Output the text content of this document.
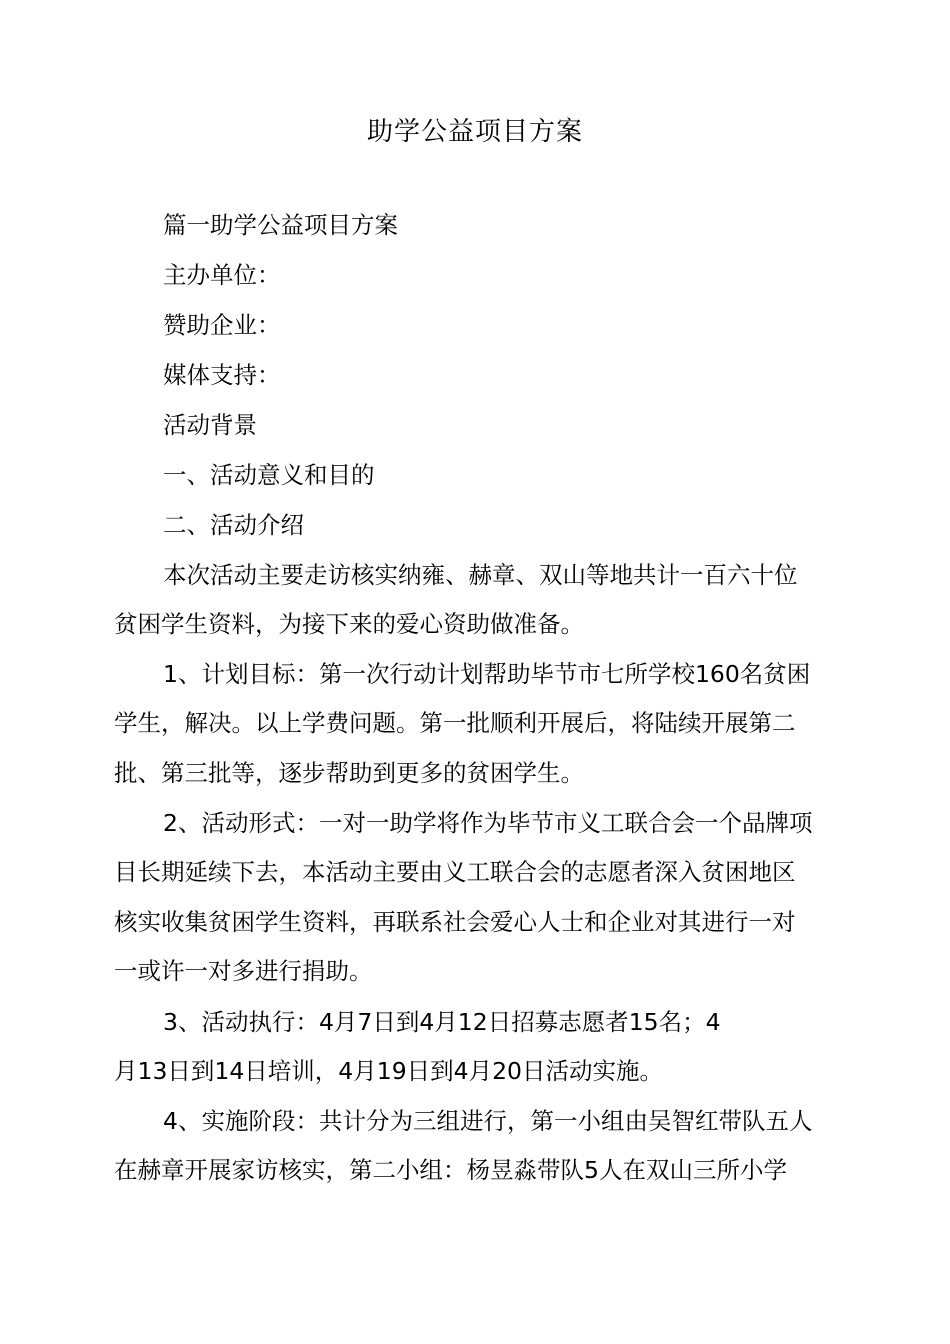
助学公益项目方案
篇一助学公益项目方案
主办单位：
赞助企业：
媒体支持：
活动背景
一、活动意义和目的
二、活动介绍
本次活动主要走访核实纳雍、赫章、双山等地共计一百六十位
贫困学生资料，为接下来的爱心资助做准备。
1、计划目标：第一次行动计划帮助毕节市七所学校160名贫困
学生，解决。以上学费问题。第一批顺利开展后，将陆续开展第二
批、第三批等，逐步帮助到更多的贫困学生。
2、活动形式：一对一助学将作为毕节市义工联合会一个品牌项
目长期延续下去，本活动主要由义工联合会的志愿者深入贫困地区
核实收集贫困学生资料，再联系社会爱心人士和企业对其进行一对
一或许一对多进行捐助。
3、活动执行：4月7日到4月12日招募志愿者15名；4
月13日到14日培训，4月19日到4月20日活动实施。
4、实施阶段：共计分为三组进行，第一小组由吴智红带队五人
在赫章开展家访核实，第二小组：杨昱淼带队5人在双山三所小学
